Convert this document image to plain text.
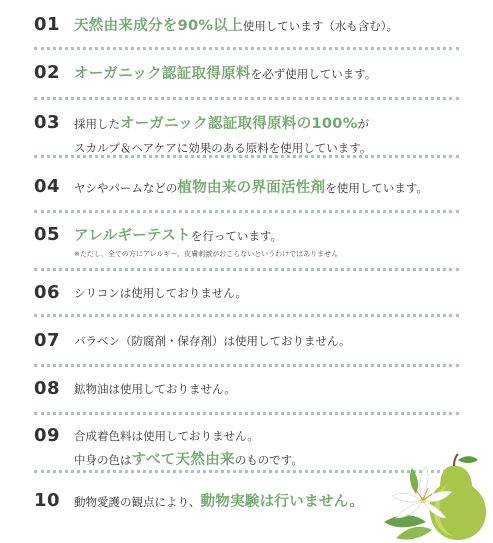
01 天然由来成分を90%以上使用しています（水も含む）。
02 オーガニック認証取得原料を必ず使用しています。
03	採用したオーガニック認証取得原料の100%が
スカルプ＆ヘアケアに効果のある原料を使用しています。
04	ヤシやパームなどの植物由来の界面活性剤を使用しています。
05 アレルギーテストを行っています。
※ただし、全ての方にアレルギー、皮膚刺激がおこらないというわけではありません
06	シリコンは使用しておりません。
07	パラベン（防腐剤・保存剤）は使用しておりません。
08	鉱物油は使用しておりません。
09	合成着色料は使用しておりません。
中身の色はすべて天然由来のものです。
10	動物愛護の観点により、動物実験は行いません。
